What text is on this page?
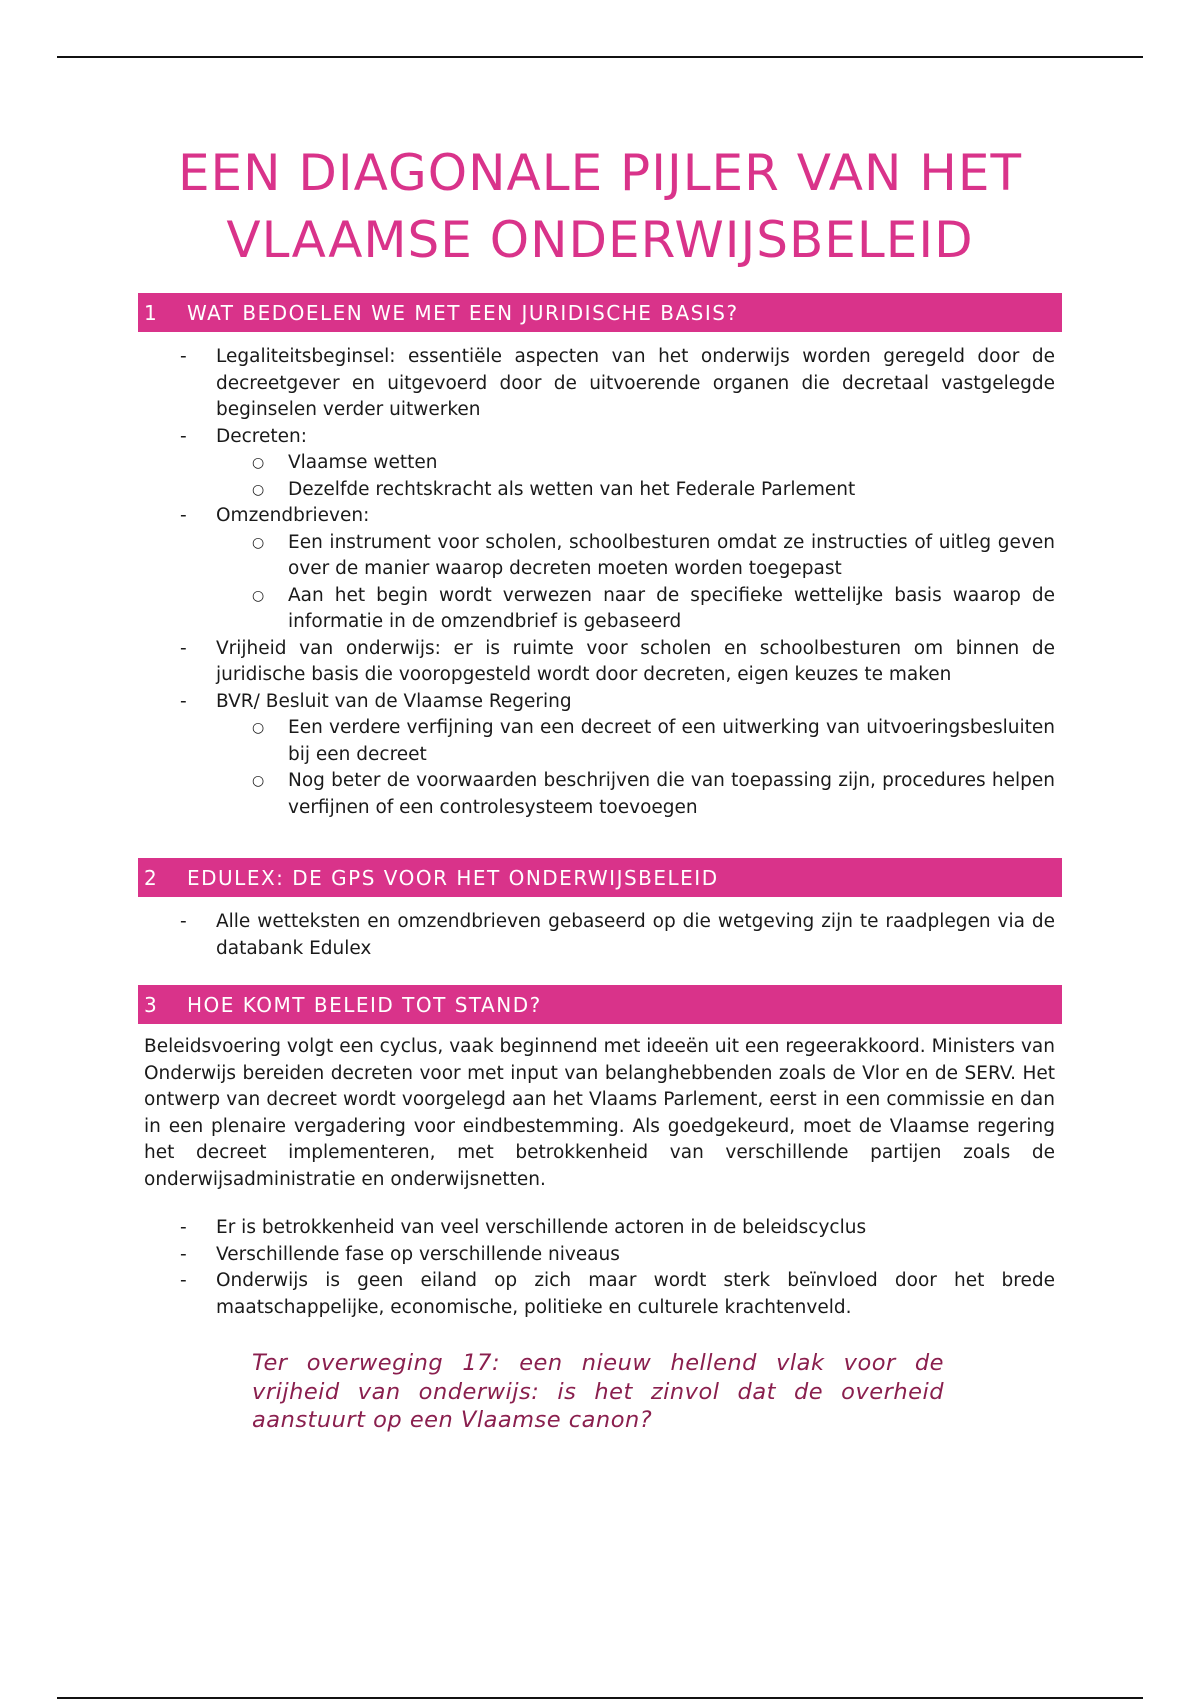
EEN DIAGONALE PIJLER VAN HET
VLAAMSE ONDERWIJSBELEID
1	WAT BEDOELEN WE MET EEN JURIDISCHE BASIS?
- Legaliteitsbeginsel: essentiële aspecten van het onderwijs worden geregeld door de decreetgever en uitgevoerd door de uitvoerende organen die decretaal vastgelegde beginselen verder uitwerken
- Decreten:
○ Vlaamse wetten
○ Dezelfde rechtskracht als wetten van het Federale Parlement
- Omzendbrieven:
○ Een instrument voor scholen, schoolbesturen omdat ze instructies of uitleg geven over de manier waarop decreten moeten worden toegepast
○ Aan het begin wordt verwezen naar de specifieke wettelijke basis waarop de informatie in de omzendbrief is gebaseerd
- Vrijheid van onderwijs: er is ruimte voor scholen en schoolbesturen om binnen de juridische basis die vooropgesteld wordt door decreten, eigen keuzes te maken
- BVR/ Besluit van de Vlaamse Regering
○ Een verdere verfijning van een decreet of een uitwerking van uitvoeringsbesluiten bij een decreet
○ Nog beter de voorwaarden beschrijven die van toepassing zijn, procedures helpen verfijnen of een controlesysteem toevoegen
2	EDULEX: DE GPS VOOR HET ONDERWIJSBELEID
- Alle wetteksten en omzendbrieven gebaseerd op die wetgeving zijn te raadplegen via de databank Edulex
3	HOE KOMT BELEID TOT STAND?

Beleidsvoering volgt een cyclus, vaak beginnend met ideeën uit een regeerakkoord. Ministers van Onderwijs bereiden decreten voor met input van belanghebbenden zoals de Vlor en de SERV. Het ontwerp van decreet wordt voorgelegd aan het Vlaams Parlement, eerst in een commissie en dan in een plenaire vergadering voor eindbestemming. Als goedgekeurd, moet de Vlaamse regering het decreet implementeren, met betrokkenheid van verschillende partijen zoals de onderwijsadministratie en onderwijsnetten.

- Er is betrokkenheid van veel verschillende actoren in de beleidscyclus
- Verschillende fase op verschillende niveaus
- Onderwijs is geen eiland op zich maar wordt sterk beïnvloed door het brede maatschappelijke, economische, politieke en culturele krachtenveld.

Ter overweging 17: een nieuw hellend vlak voor de vrijheid van onderwijs: is het zinvol dat de overheid aanstuurt op een Vlaamse canon?
